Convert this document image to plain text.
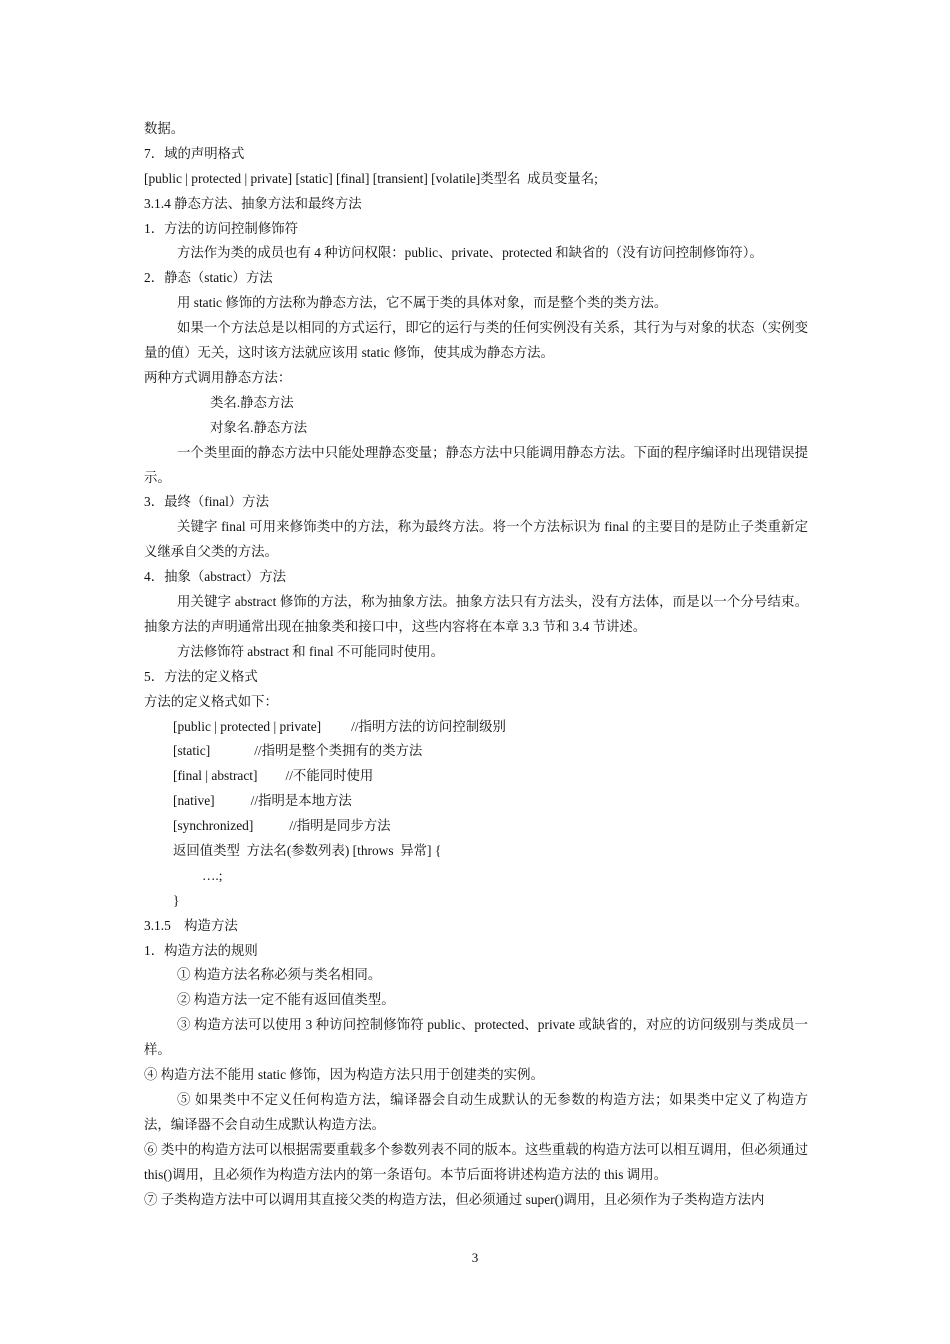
数据。
7．域的声明格式
[public | protected | private] [static] [final] [transient] [volatile]类型名  成员变量名;
3.1.4 静态方法、抽象方法和最终方法
1．方法的访问控制修饰符
方法作为类的成员也有 4 种访问权限：public、private、protected 和缺省的（没有访问控制修饰符）。
2．静态（static）方法
用 static 修饰的方法称为静态方法，它不属于类的具体对象，而是整个类的类方法。
如果一个方法总是以相同的方式运行，即它的运行与类的任何实例没有关系，其行为与对象的状态（实例变量的值）无关，这时该方法就应该用 static 修饰，使其成为静态方法。
两种方式调用静态方法：
类名.静态方法
对象名.静态方法
一个类里面的静态方法中只能处理静态变量；静态方法中只能调用静态方法。下面的程序编译时出现错误提示。
3．最终（final）方法
关键字 final 可用来修饰类中的方法，称为最终方法。将一个方法标识为 final 的主要目的是防止子类重新定义继承自父类的方法。
4．抽象（abstract）方法
用关键字 abstract 修饰的方法，称为抽象方法。抽象方法只有方法头，没有方法体，而是以一个分号结束。抽象方法的声明通常出现在抽象类和接口中，这些内容将在本章 3.3 节和 3.4 节讲述。
方法修饰符 abstract 和 final 不可能同时使用。
5．方法的定义格式
方法的定义格式如下：
[public | protected | private] //指明方法的访问控制级别
[static]	//指明是整个类拥有的类方法
[final | abstract] //不能同时使用
[native]	//指明是本地方法
[synchronized]	//指明是同步方法
返回值类型  方法名(参数列表) [throws  异常] {
….;
}
3.1.5    构造方法
1．构造方法的规则
① 构造方法名称必须与类名相同。
② 构造方法一定不能有返回值类型。
③ 构造方法可以使用 3 种访问控制修饰符 public、protected、private 或缺省的，对应的访问级别与类成员一样。
④ 构造方法不能用 static 修饰，因为构造方法只用于创建类的实例。
⑤ 如果类中不定义任何构造方法，编译器会自动生成默认的无参数的构造方法；如果类中定义了构造方法，编译器不会自动生成默认构造方法。
⑥ 类中的构造方法可以根据需要重载多个参数列表不同的版本。这些重载的构造方法可以相互调用，但必须通过 this()调用，且必须作为构造方法内的第一条语句。本节后面将讲述构造方法的 this 调用。
⑦ 子类构造方法中可以调用其直接父类的构造方法，但必须通过 super()调用，且必须作为子类构造方法内
3
